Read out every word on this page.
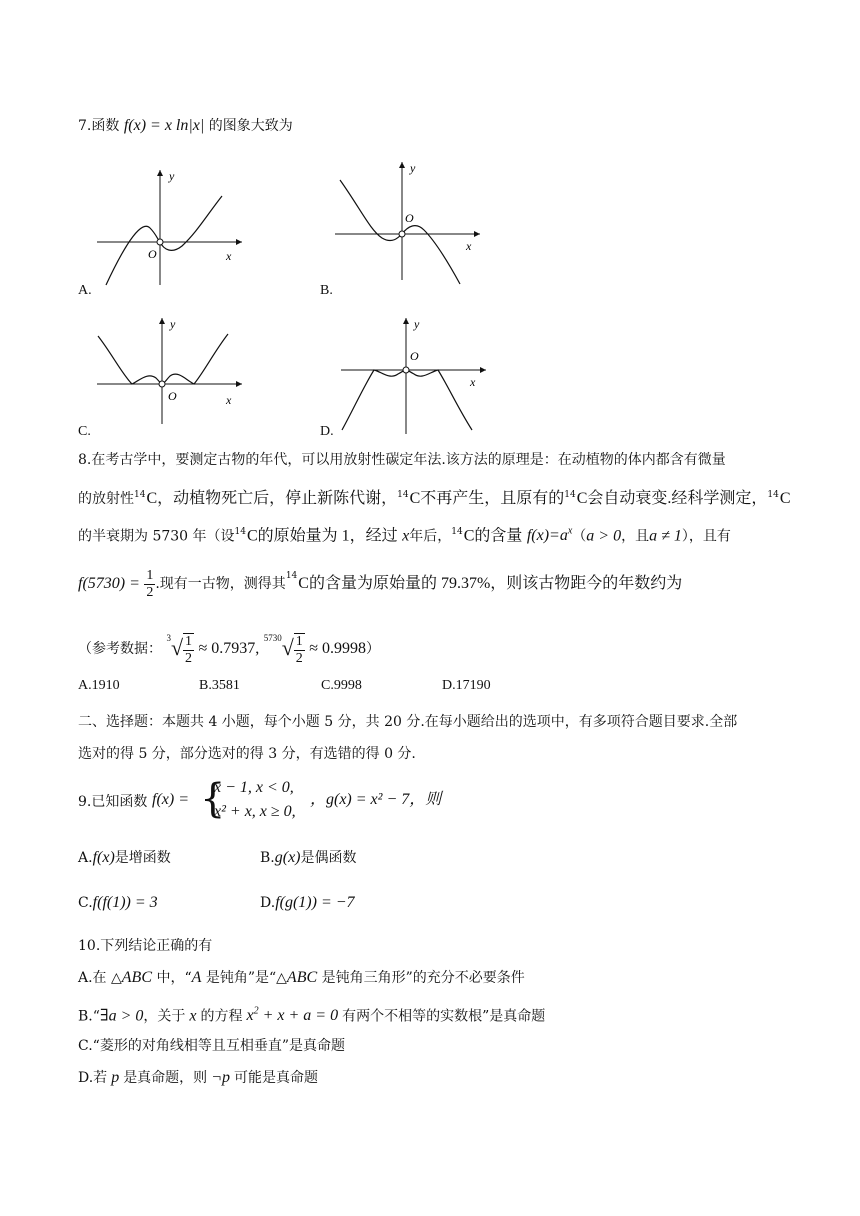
7.函数 f(x) = x ln|x| 的图象大致为
y
O	x
A.
y
O
x
B.
y
O	x
C.
y
O
x
D.
8.在考古学中，要测定古物的年代，可以用放射性碳定年法.该方法的原理是：在动植物的体内都含有微量
的放射性$^{14}$C，动植物死亡后，停止新陈代谢，$^{14}$C不再产生，且原有的$^{14}$C会自动衰变.经科学测定，$^{14}$C
的半衰期为 5730 年（设$^{14}$C的原始量为 1，经过 x年后，$^{14}$C的含量 $f(x)=a^x(a > 0$，且a ≠ 1），且有
$f(5730) = \frac{1}{2}$ .现有一古物，测得其$^{14}$C的含量为原始量的 79.37%，则该古物距今的年数约为
（参考数据： $^3√ \frac{1}{2} \approx 0.7937$, $^{5730}√ \frac{1}{2} \approx 0.9998$）
A.1910	B.3581	C.9998	D.17190
二、选择题：本题共 4 小题，每个小题 5 分，共 20 分.在每小题给出的选项中，有多项符合题目要求.全部
选对的得 5 分，部分选对的得 3 分，有选错的得 0 分.
9.已知函数 f(x) = {
x − 1, x < 0,
x² + x, x ≥ 0,
，g(x) = x² − 7，则
A.f(x)是增函数	B.g(x)是偶函数
C.f(f(1)) = 3	D.f(g(1)) = −7
10.下列结论正确的有
A.在 △ABC 中，“A 是钝角”是“△ABC 是钝角三角形”的充分不必要条件
B.“∃a > 0，关于 x 的方程 $x^2 + x + a = 0$ 有两个不相等的实数根”是真命题
C.“菱形的对角线相等且互相垂直”是真命题
D.若 p 是真命题，则 ¬p 可能是真命题
